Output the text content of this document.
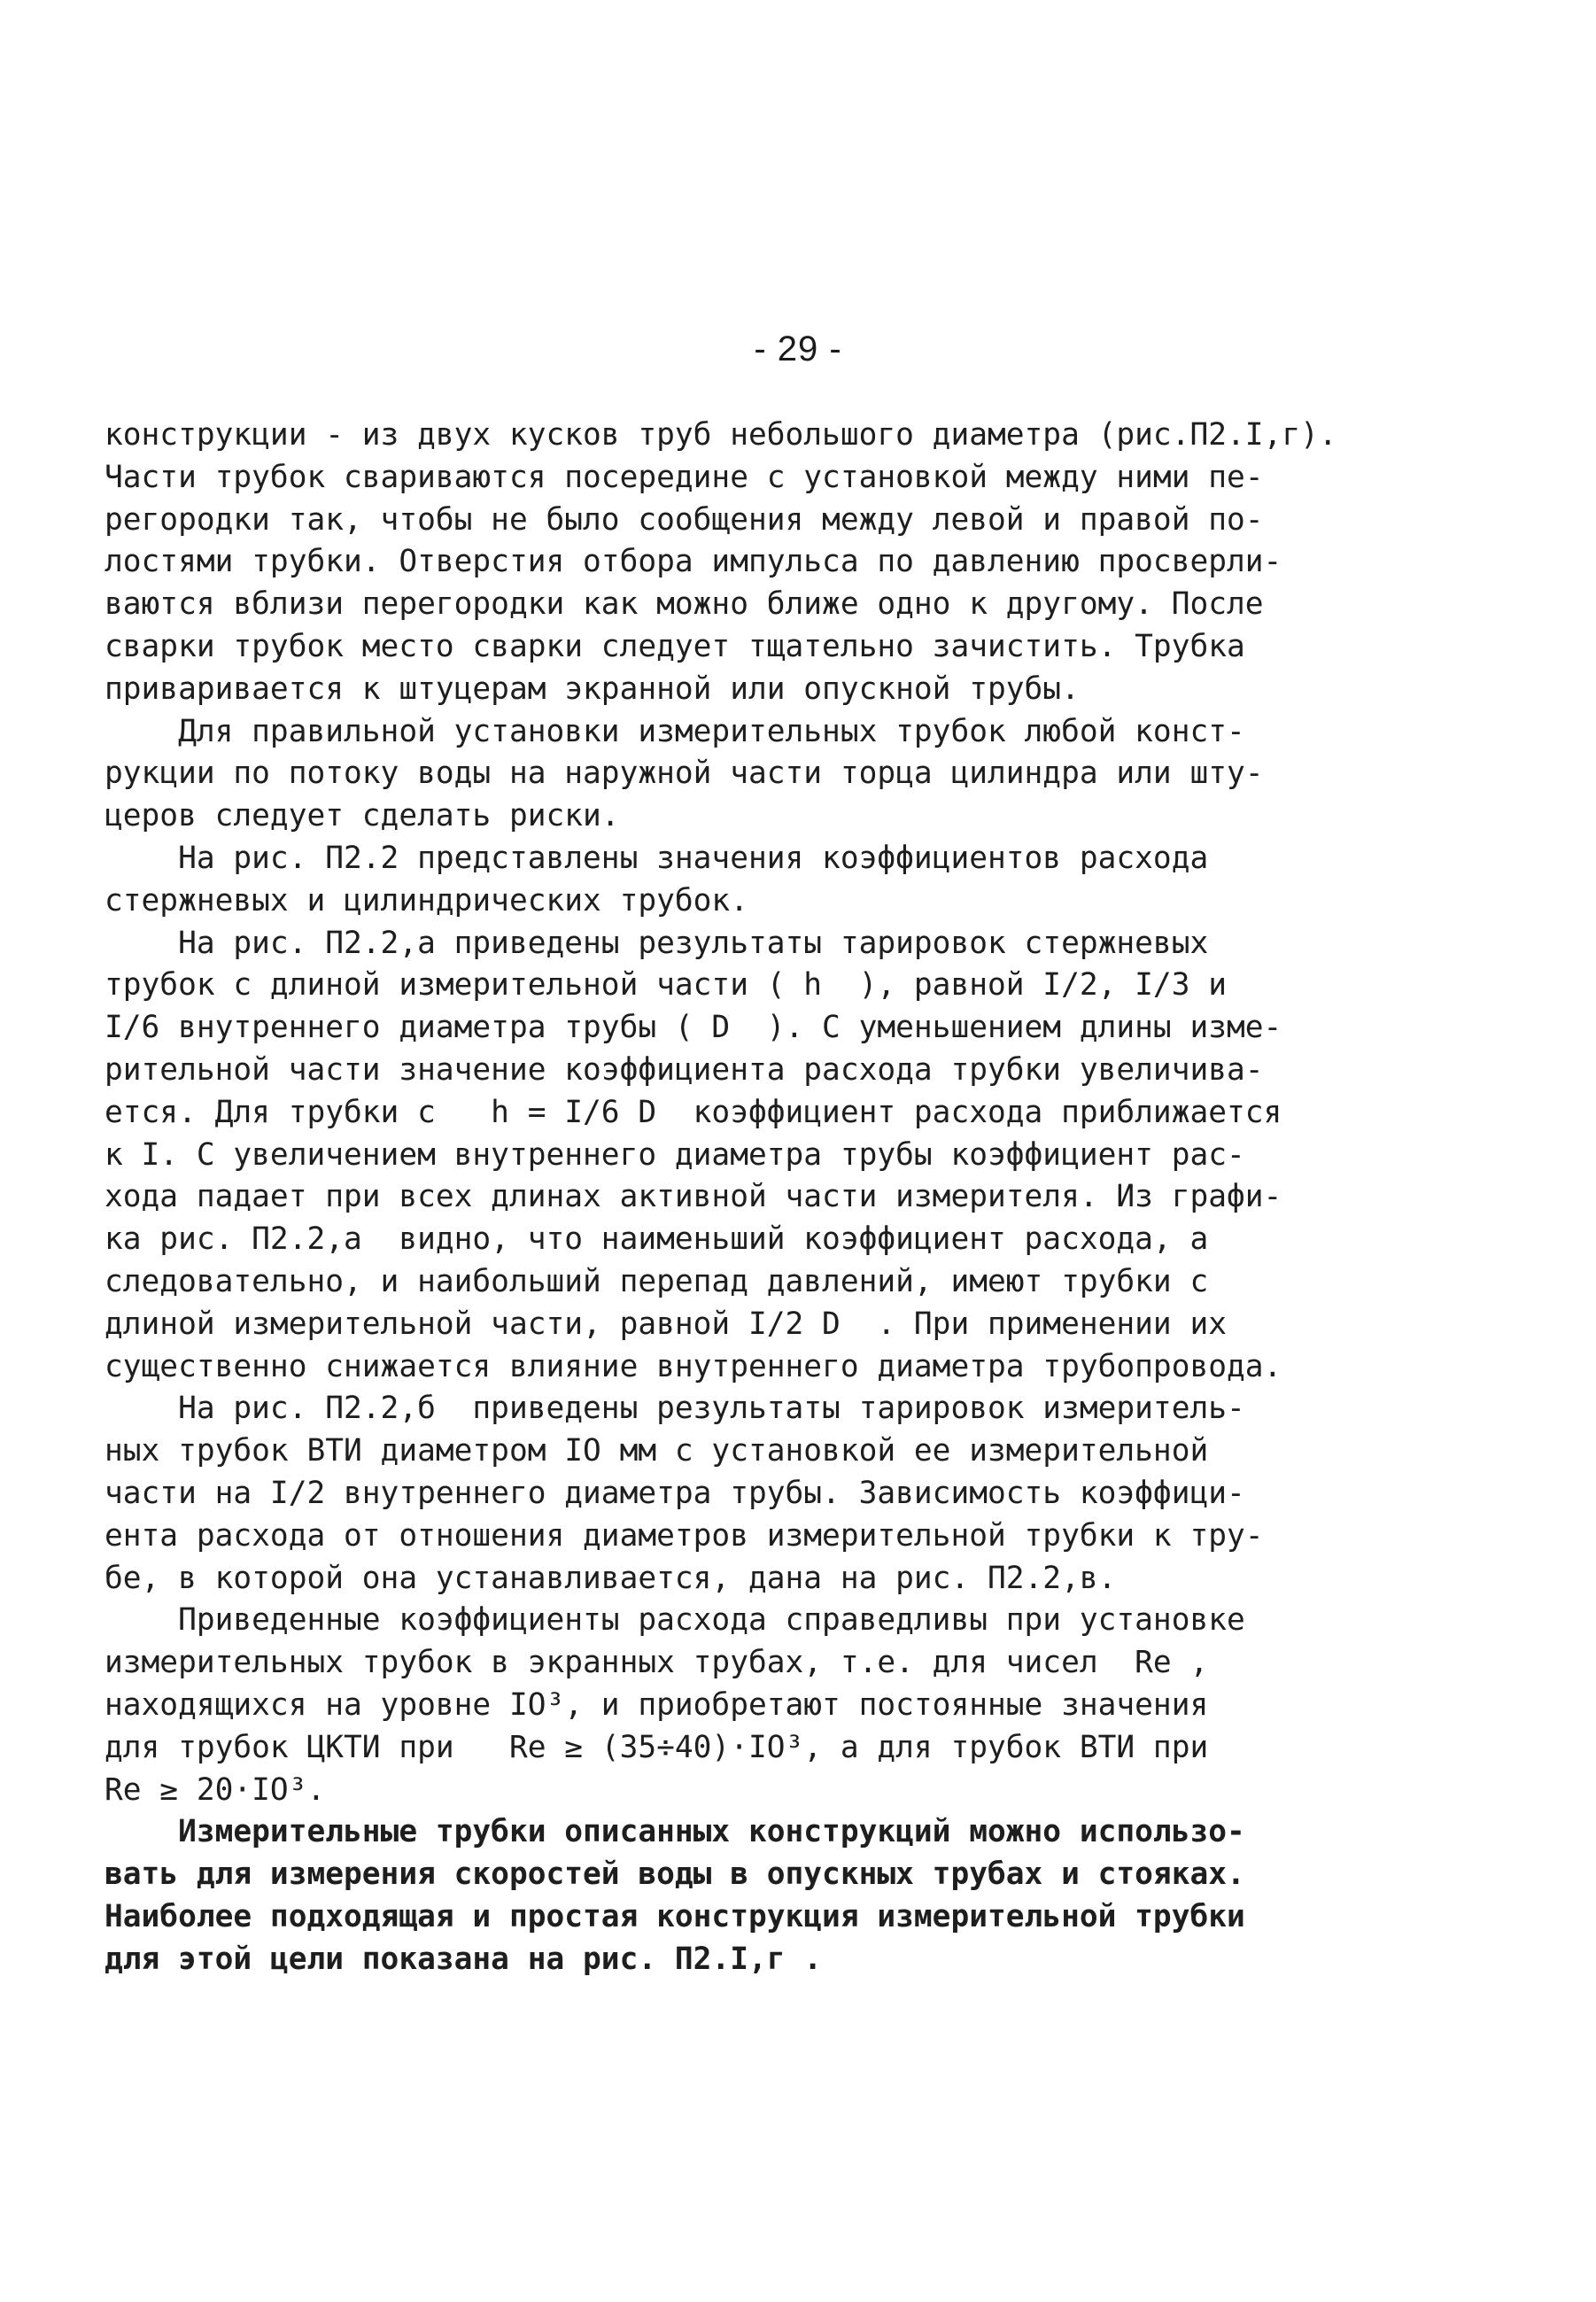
- 29 -
конструкции - из двух кусков труб небольшого диаметра (рис.П2.I,г).
Части трубок свариваются посередине с установкой между ними пе-
регородки так, чтобы не было сообщения между левой и правой по-
лостями трубки. Отверстия отбора импульса по давлению просверли-
ваются вблизи перегородки как можно ближе одно к другому. После
сварки трубок место сварки следует тщательно зачистить. Трубка
приваривается к штуцерам экранной или опускной трубы.
Для правильной установки измерительных трубок любой конст-
рукции по потоку воды на наружной части торца цилиндра или шту-
церов следует сделать риски.
На рис. П2.2 представлены значения коэффициентов расхода
стержневых и цилиндрических трубок.
На рис. П2.2,а приведены результаты тарировок стержневых
трубок с длиной измерительной части ( h  ), равной I/2, I/3 и
I/6 внутреннего диаметра трубы ( D  ). С уменьшением длины изме-
рительной части значение коэффициента расхода трубки увеличива-
ется. Для трубки с   h = I/6 D  коэффициент расхода приближается
к I. С увеличением внутреннего диаметра трубы коэффициент рас-
хода падает при всех длинах активной части измерителя. Из графи-
ка рис. П2.2,а  видно, что наименьший коэффициент расхода, а
следовательно, и наибольший перепад давлений, имеют трубки с
длиной измерительной части, равной I/2 D  . При применении их
существенно снижается влияние внутреннего диаметра трубопровода.
На рис. П2.2,б  приведены результаты тарировок измеритель-
ных трубок ВТИ диаметром IO мм с установкой ее измерительной
части на I/2 внутреннего диаметра трубы. Зависимость коэффици-
ента расхода от отношения диаметров измерительной трубки к тру-
бе, в которой она устанавливается, дана на рис. П2.2,в.
Приведенные коэффициенты расхода справедливы при установке
измерительных трубок в экранных трубах, т.е. для чисел  Re ,
находящихся на уровне IO³, и приобретают постоянные значения
для трубок ЦКТИ при   Re ≥ (35÷40)·IO³, а для трубок ВТИ при
Re ≥ 20·IO³.
Измерительные трубки описанных конструкций можно использо-
вать для измерения скоростей воды в опускных трубах и стояках.
Наиболее подходящая и простая конструкция измерительной трубки
для этой цели показана на рис. П2.I,г .
